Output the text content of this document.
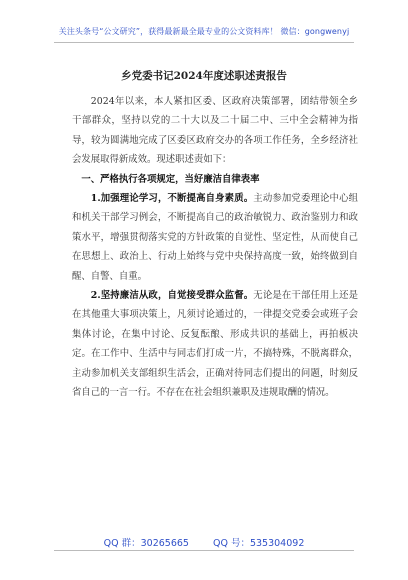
关注头条号“公文研究”，获得最新最全最专业的公文资料库！ 微信：gongwenyj
乡党委书记2024年度述职述责报告

2024年以来，本人紧扣区委、区政府决策部署，团结带领全乡干部群众，坚持以党的二十大以及二十届二中、三中全会精神为指导，较为圆满地完成了区委区政府交办的各项工作任务，全乡经济社会发展取得新成效。现述职述责如下：

一、严格执行各项规定，当好廉洁自律表率

1.加强理论学习，不断提高自身素质。主动参加党委理论中心组和机关干部学习例会，不断提高自己的政治敏锐力、政治鉴别力和政策水平，增强贯彻落实党的方针政策的自觉性、坚定性，从而使自己在思想上、政治上、行动上始终与党中央保持高度一致，始终做到自醒、自警、自重。

2.坚持廉洁从政，自觉接受群众监督。无论是在干部任用上还是在其他重大事项决策上，凡须讨论通过的，一律提交党委会或班子会集体讨论，在集中讨论、反复酝酿、形成共识的基础上，再拍板决定。在工作中、生活中与同志们打成一片，不搞特殊，不脱离群众，主动参加机关支部组织生活会，正确对待同志们提出的问题，时刻反省自己的一言一行。不存在在社会组织兼职及违规取酬的情况。

QQ 群：30265665	QQ 号：535304092
